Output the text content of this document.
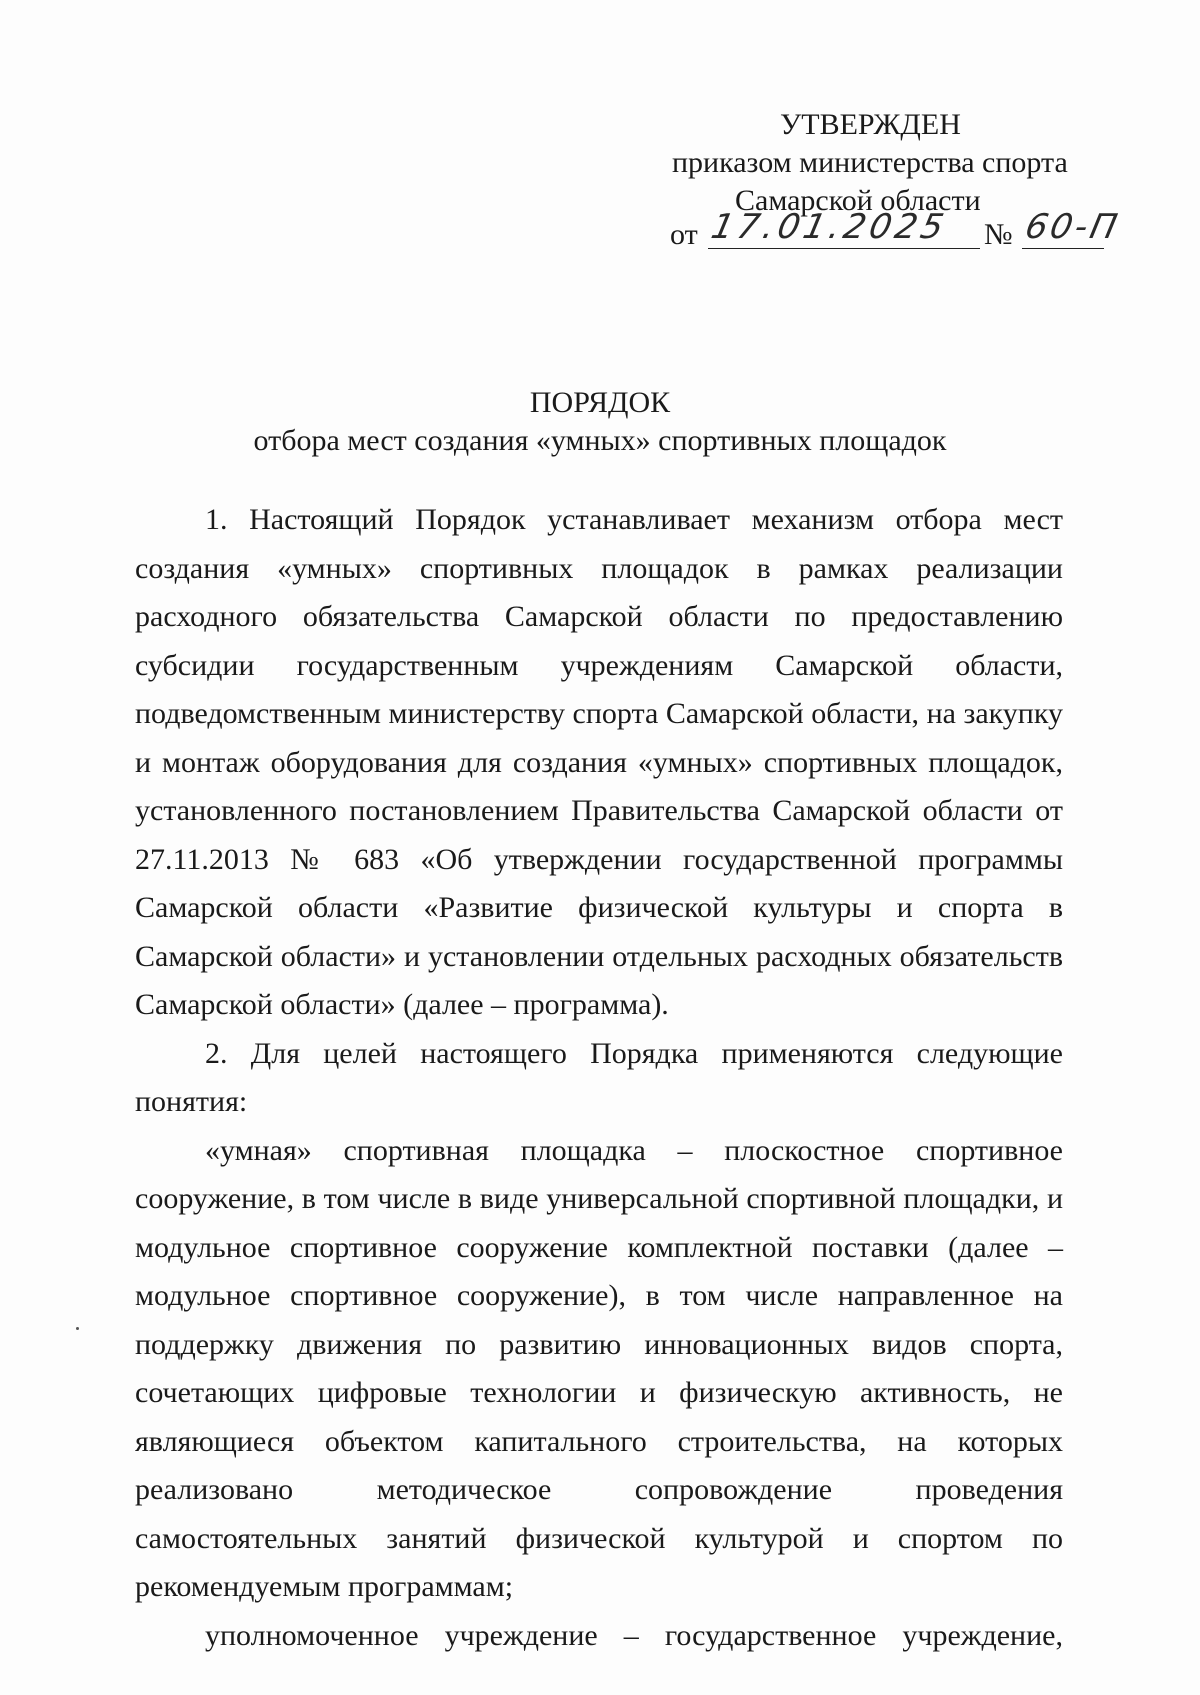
УТВЕРЖДЕН
приказом министерства спорта
Самарской области
от 17.01.2025	№ 60-П
ПОРЯДОК
отбора мест создания «умных» спортивных площадок

1. Настоящий Порядок устанавливает механизм отбора мест создания «умных» спортивных площадок в рамках реализации расходного обязательства Самарской области по предоставлению субсидии государственным учреждениям Самарской области, подведомственным министерству спорта Самарской области, на закупку и монтаж оборудования для создания «умных» спортивных площадок, установленного постановлением Правительства Самарской области от 27.11.2013 № 683 «Об утверждении государственной программы Самарской области «Развитие физической культуры и спорта в Самарской области» и установлении отдельных расходных обязательств Самарской области» (далее – программа).

2. Для целей настоящего Порядка применяются следующие понятия:

«умная» спортивная площадка – плоскостное спортивное сооружение, в том числе в виде универсальной спортивной площадки, и модульное спортивное сооружение комплектной поставки (далее – модульное спортивное сооружение), в том числе направленное на поддержку движения по развитию инновационных видов спорта, сочетающих цифровые технологии и физическую активность, не являющиеся объектом капитального строительства, на которых реализовано методическое сопровождение проведения самостоятельных занятий физической культурой и спортом по рекомендуемым программам;

уполномоченное учреждение – государственное учреждение,
